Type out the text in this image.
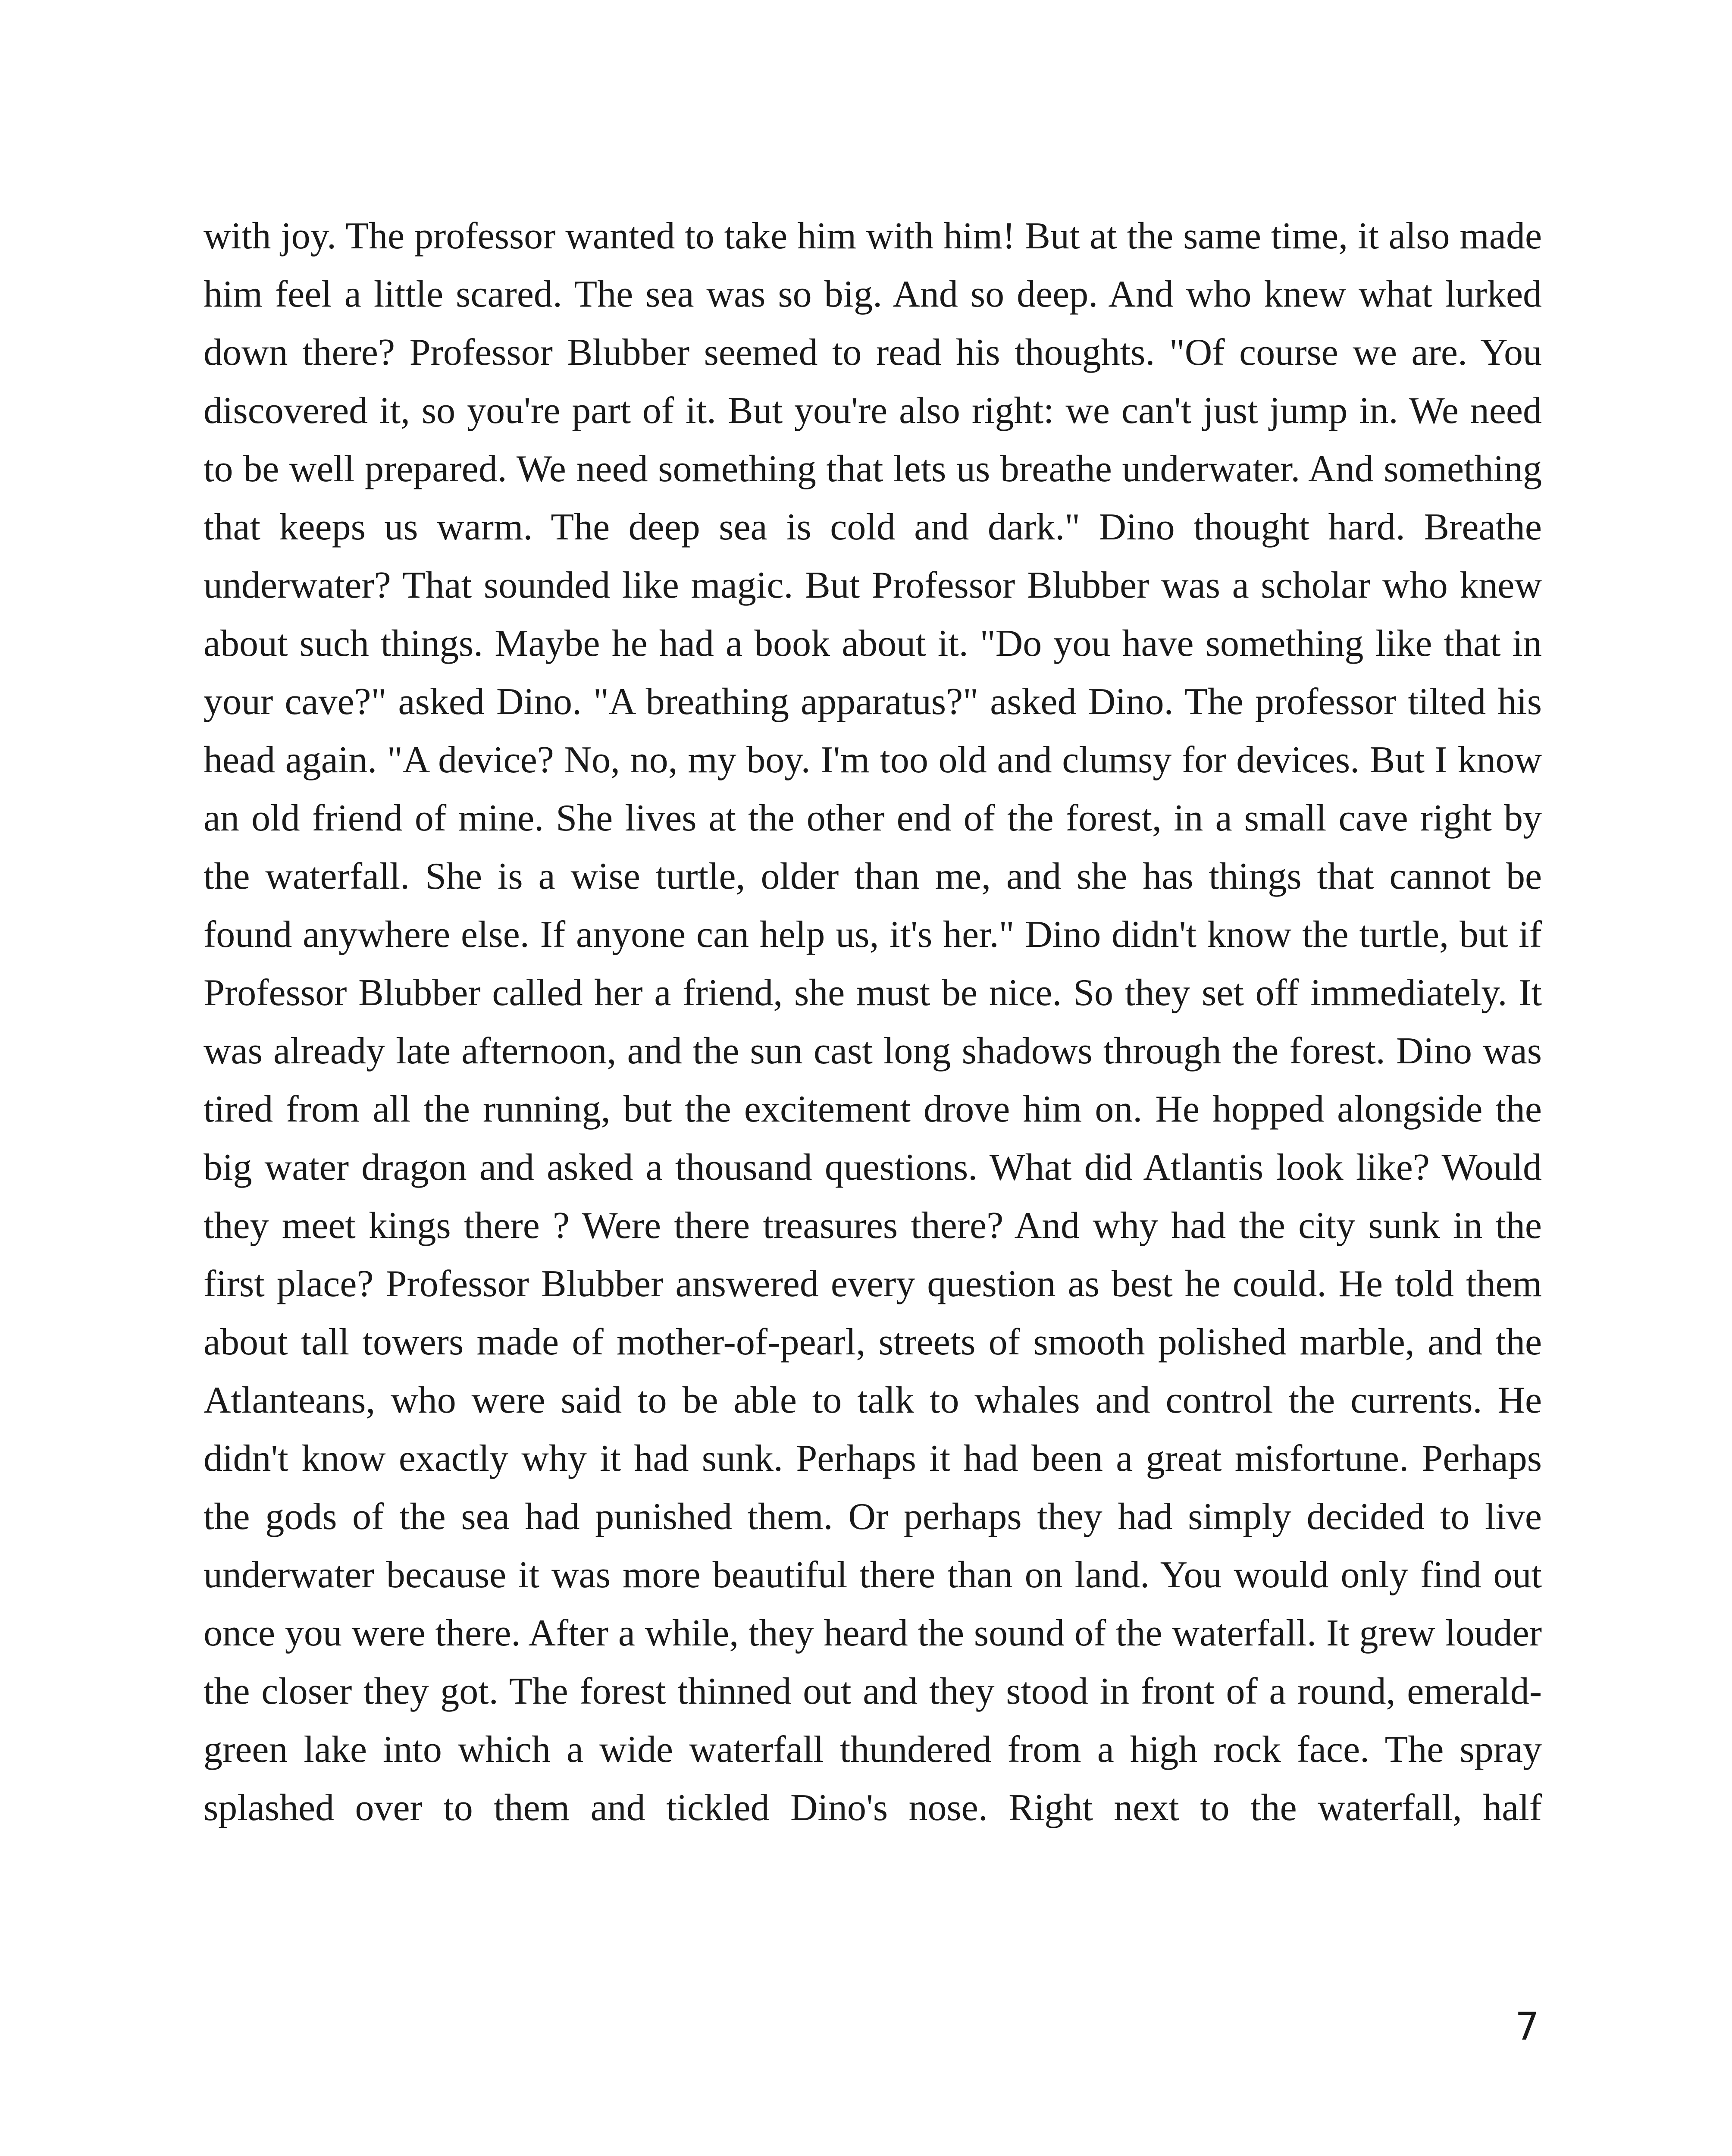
with joy. The professor wanted to take him with him! But at the same time, it also made him feel a little scared. The sea was so big. And so deep. And who knew what lurked down there? Professor Blubber seemed to read his thoughts. "Of course we are. You discovered it, so you're part of it. But you're also right: we can't just jump in. We need to be well prepared. We need something that lets us breathe underwater. And something that keeps us warm. The deep sea is cold and dark." Dino thought hard. Breathe underwater? That sounded like magic. But Professor Blubber was a scholar who knew about such things. Maybe he had a book about it. "Do you have something like that in your cave?" asked Dino. "A breathing apparatus?" asked Dino. The professor tilted his head again. "A device? No, no, my boy. I'm too old and clumsy for devices. But I know an old friend of mine. She lives at the other end of the forest, in a small cave right by the waterfall. She is a wise turtle, older than me, and she has things that cannot be found anywhere else. If anyone can help us, it's her." Dino didn't know the turtle, but if Professor Blubber called her a friend, she must be nice. So they set off immediately. It was already late afternoon, and the sun cast long shadows through the forest. Dino was tired from all the running, but the excitement drove him on. He hopped alongside the big water dragon and asked a thousand questions. What did Atlantis look like? Would they meet kings there ? Were there treasures there? And why had the city sunk in the first place? Professor Blubber answered every question as best he could. He told them about tall towers made of mother-of-pearl, streets of smooth polished marble, and the Atlanteans, who were said to be able to talk to whales and control the currents. He didn't know exactly why it had sunk. Perhaps it had been a great misfortune. Perhaps the gods of the sea had punished them. Or perhaps they had simply decided to live underwater because it was more beautiful there than on land. You would only find out once you were there. After a while, they heard the sound of the waterfall. It grew louder the closer they got. The forest thinned out and they stood in front of a round, emerald-green lake into which a wide waterfall thundered from a high rock face. The spray splashed over to them and tickled Dino's nose. Right next to the waterfall, half

7
